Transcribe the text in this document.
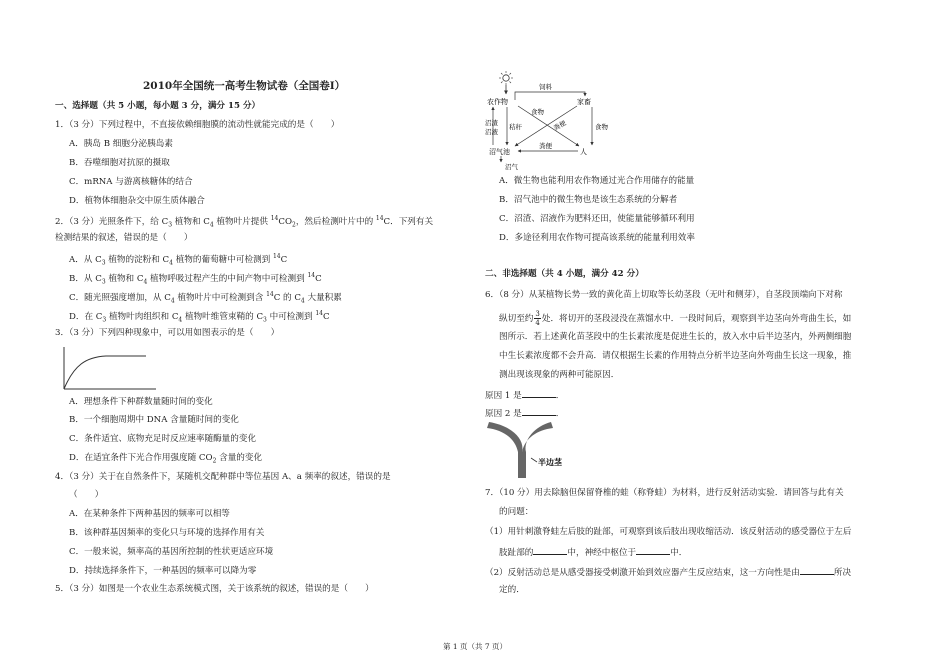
2010年全国统一高考生物试卷（全国卷I）
一、选择题（共 5 小题，每小题 3 分，满分 15 分）
1．（3 分）下列过程中，不直接依赖细胞膜的流动性就能完成的是（　　）
A．胰岛 B 细胞分泌胰岛素
B．吞噬细胞对抗原的摄取
C．mRNA 与游离核糖体的结合
D．植物体细胞杂交中原生质体融合
2．（3 分）光照条件下，给 $C_3$ 植物和 $C_4$ 植物叶片提供 $^{14}CO_2$，然后检测叶片中的 $^{14}$C．下列有关
检测结果的叙述，错误的是（　　）
A．从 $C_3$ 植物的淀粉和 $C_4$ 植物的葡萄糖中可检测到 $^{14}$C
B．从 $C_3$ 植物和 $C_4$ 植物呼吸过程产生的中间产物中可检测到 $^{14}$C
C．随光照强度增加，从 $C_4$ 植物叶片中可检测到含 $^{14}$C 的 $C_4$ 大量积累
D．在 $C_3$ 植物叶肉组织和 $C_4$ 植物叶维管束鞘的 $C_3$ 中可检测到 $^{14}$C
3．（3 分）下列四种现象中，可以用如图表示的是（　　）
A．理想条件下种群数量随时间的变化
B．一个细胞周期中 DNA 含量随时间的变化
C．条件适宜、底物充足时反应速率随酶量的变化
D．在适宜条件下光合作用强度随 $CO_2$ 含量的变化
4．（3 分）关于在自然条件下，某随机交配种群中等位基因 A、a 频率的叙述，错误的是
（　　）
A．在某种条件下两种基因的频率可以相等
B．该种群基因频率的变化只与环境的选择作用有关
C．一般来说，频率高的基因所控制的性状更适应环境
D．持续选择条件下，一种基因的频率可以降为零
5．（3 分）如图是一个农业生态系统模式图，关于该系统的叙述，错误的是（　　）
农作物	家畜
人
沼气池
饲料
食物
食物
粪便
秸秆
粪便
沼渣
沼液
沼气
A．微生物也能利用农作物通过光合作用储存的能量
B．沼气池中的微生物也是该生态系统的分解者
C．沼渣、沼液作为肥料还田，使能量能够循环利用
D．多途径利用农作物可提高该系统的能量利用效率
二、非选择题（共 4 小题，满分 42 分）
6．（8 分）从某植物长势一致的黄化苗上切取等长幼茎段（无叶和侧芽），自茎段顶端向下对称
纵切至约 $\frac{3}{4}$ 处．将切开的茎段浸没在蒸馏水中．一段时间后，观察到半边茎向外弯曲生长，如
图所示．若上述黄化苗茎段中的生长素浓度是促进生长的，放入水中后半边茎内，外两侧细胞
中生长素浓度都不会升高．请仅根据生长素的作用特点分析半边茎向外弯曲生长这一现象，推
测出现该现象的两种可能原因．
原因 1 是	．
原因 2 是	．
半边茎
7．（10 分）用去除脑但保留脊椎的蛙（称脊蛙）为材料，进行反射活动实验．请回答与此有关
的问题：
（1）用针刺激脊蛙左后肢的趾部，可观察到该后肢出现收缩活动．该反射活动的感受器位于左后
肢趾部的	中，神经中枢位于	中．
（2）反射活动总是从感受器接受刺激开始到效应器产生反应结束，这一方向性是由	所决
定的．
第 1 页（共 7 页）
